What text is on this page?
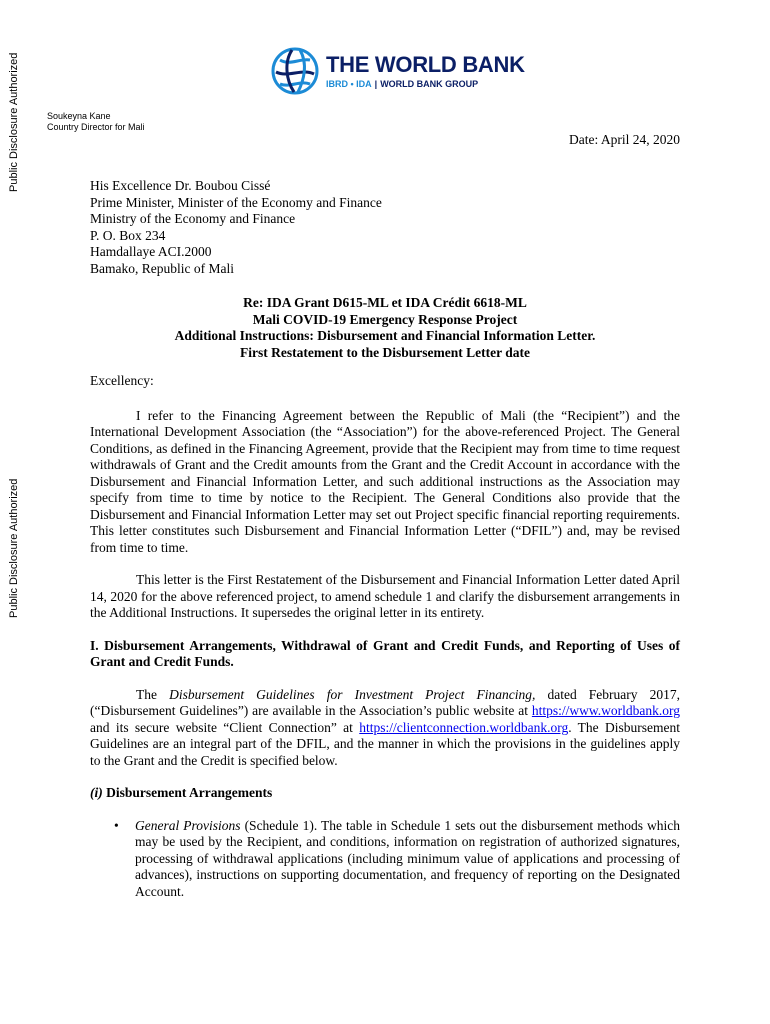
Public Disclosure Authorized
Public Disclosure Authorized
THE WORLD BANK
IBRD • IDA | WORLD BANK GROUP
Soukeyna Kane
Country Director for Mali
Date: April 24, 2020
His Excellence Dr. Boubou Cissé
Prime Minister, Minister of the Economy and Finance
Ministry of the Economy and Finance
P. O. Box 234
Hamdallaye ACI.2000
Bamako, Republic of Mali
Re: IDA Grant D615-ML et IDA Crédit 6618-ML
Mali COVID-19 Emergency Response Project
Additional Instructions: Disbursement and Financial Information Letter.
First Restatement to the Disbursement Letter date
Excellency:

I refer to the Financing Agreement between the Republic of Mali (the “Recipient”) and the International Development Association (the “Association”) for the above-referenced Project. The General Conditions, as defined in the Financing Agreement, provide that the Recipient may from time to time request withdrawals of Grant and the Credit amounts from the Grant and the Credit Account in accordance with the Disbursement and Financial Information Letter, and such additional instructions as the Association may specify from time to time by notice to the Recipient. The General Conditions also provide that the Disbursement and Financial Information Letter may set out Project specific financial reporting requirements. This letter constitutes such Disbursement and Financial Information Letter (“DFIL”) and, may be revised from time to time.

This letter is the First Restatement of the Disbursement and Financial Information Letter dated April 14, 2020 for the above referenced project, to amend schedule 1 and clarify the disbursement arrangements in the Additional Instructions. It supersedes the original letter in its entirety.

I. Disbursement Arrangements, Withdrawal of Grant and Credit Funds, and Reporting of Uses of Grant and Credit Funds.

The Disbursement Guidelines for Investment Project Financing, dated February 2017, (“Disbursement Guidelines”) are available in the Association’s public website at https://www.worldbank.org and its secure website “Client Connection” at https://clientconnection.worldbank.org. The Disbursement Guidelines are an integral part of the DFIL, and the manner in which the provisions in the guidelines apply to the Grant and the Credit is specified below.

(i) Disbursement Arrangements
• General Provisions (Schedule 1). The table in Schedule 1 sets out the disbursement methods which may be used by the Recipient, and conditions, information on registration of authorized signatures, processing of withdrawal applications (including minimum value of applications and processing of advances), instructions on supporting documentation, and frequency of reporting on the Designated Account.
